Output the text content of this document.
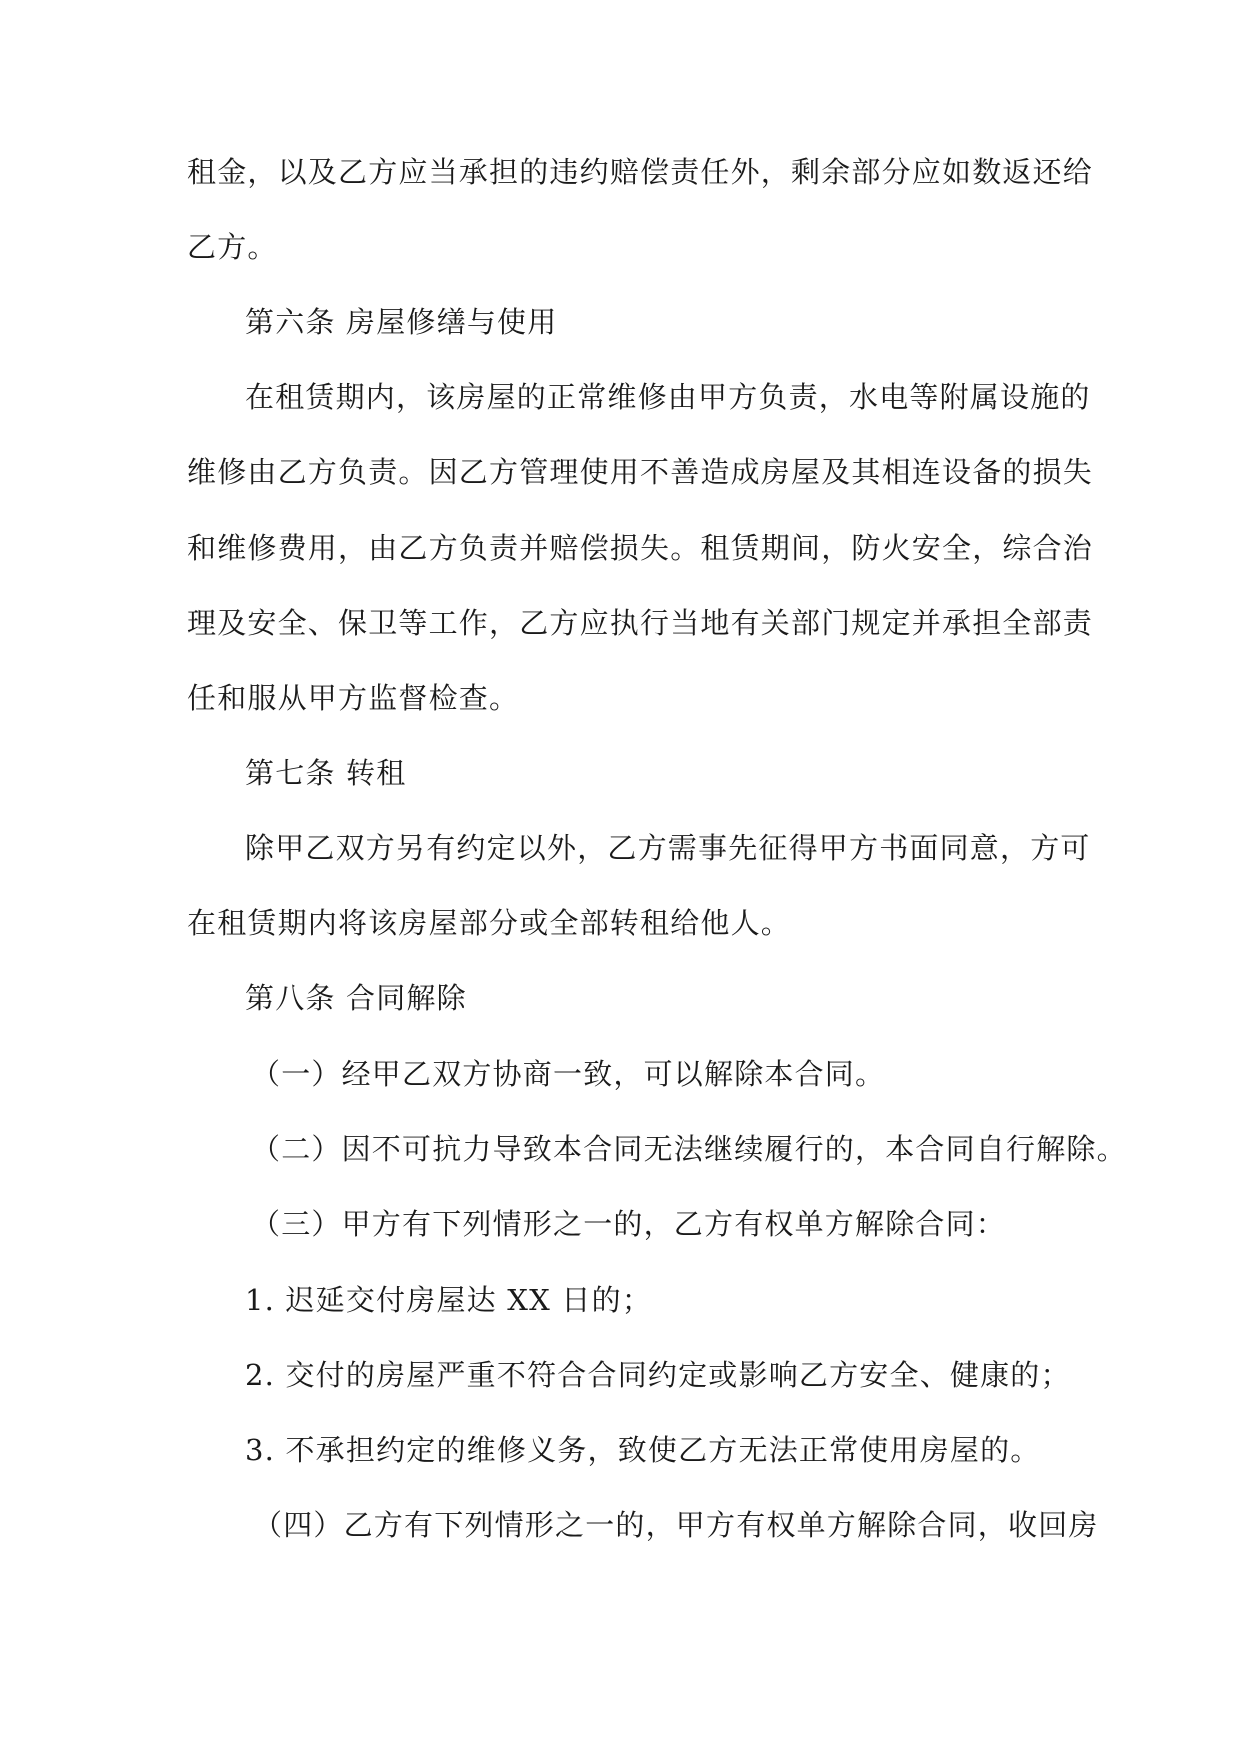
租金，以及乙方应当承担的违约赔偿责任外，剩余部分应如数返还给

乙方。

第六条 房屋修缮与使用

在租赁期内，该房屋的正常维修由甲方负责，水电等附属设施的

维修由乙方负责。因乙方管理使用不善造成房屋及其相连设备的损失

和维修费用，由乙方负责并赔偿损失。租赁期间，防火安全，综合治

理及安全、保卫等工作，乙方应执行当地有关部门规定并承担全部责

任和服从甲方监督检查。

第七条 转租

除甲乙双方另有约定以外，乙方需事先征得甲方书面同意，方可

在租赁期内将该房屋部分或全部转租给他人。

第八条 合同解除

（一）经甲乙双方协商一致，可以解除本合同。

（二）因不可抗力导致本合同无法继续履行的，本合同自行解除。

（三）甲方有下列情形之一的，乙方有权单方解除合同：

1. 迟延交付房屋达 XX 日的；

2. 交付的房屋严重不符合合同约定或影响乙方安全、健康的；

3. 不承担约定的维修义务，致使乙方无法正常使用房屋的。

（四）乙方有下列情形之一的，甲方有权单方解除合同，收回房
